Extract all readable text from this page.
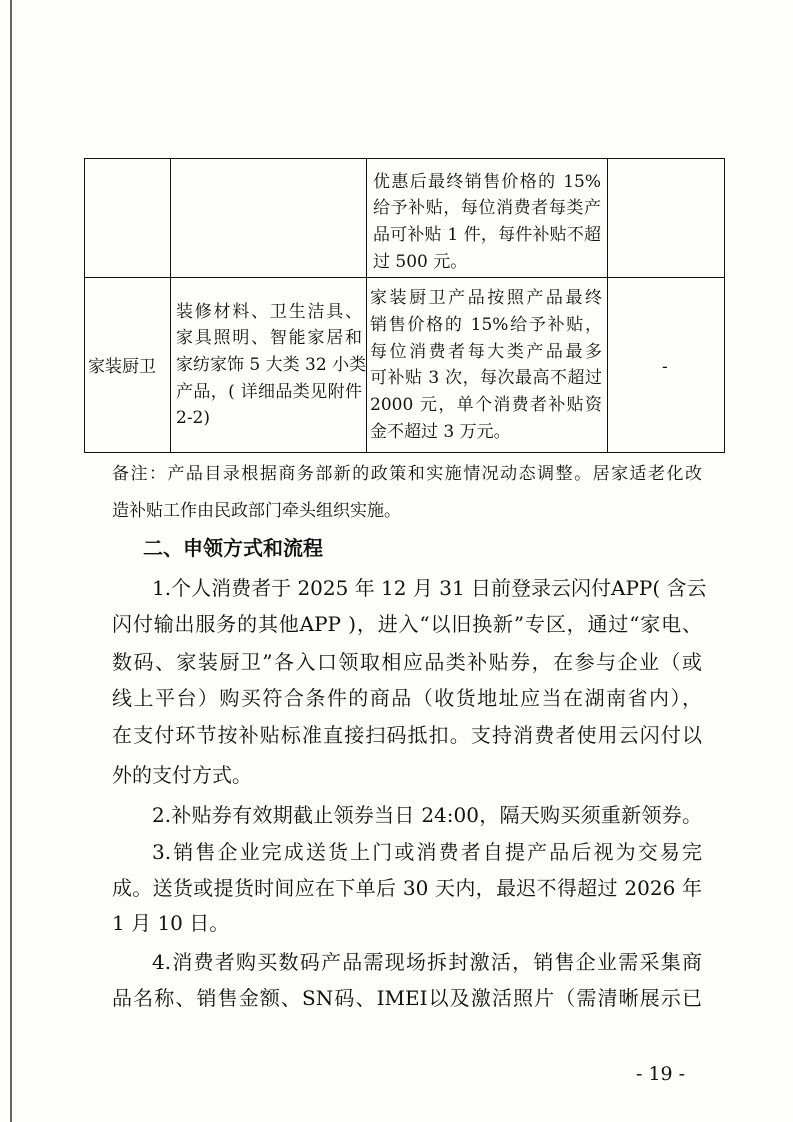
优惠后最终销售价格的 15%
给予补贴，每位消费者每类产
品可补贴 1 件，每件补贴不超
过 500 元。
家装厨卫
装修材料、卫生洁具、
家具照明、智能家居和
家纺家饰 5 大类 32 小类
产品，( 详细品类见附件
2-2)
家装厨卫产品按照产品最终
销售价格的 15%给予补贴，
每位消费者每大类产品最多
可补贴 3 次，每次最高不超过
2000 元，单个消费者补贴资
金不超过 3 万元。
-
备注：产品目录根据商务部新的政策和实施情况动态调整。居家适老化改
造补贴工作由民政部门牵头组织实施。
二、申领方式和流程
1.个人消费者于 2025 年 12 月 31 日前登录云闪付APP( 含云
闪付输出服务的其他APP )，进入“以旧换新”专区，通过“家电、
数码、家装厨卫”各入口领取相应品类补贴券，在参与企业（或
线上平台）购买符合条件的商品（收货地址应当在湖南省内），
在支付环节按补贴标准直接扫码抵扣。支持消费者使用云闪付以
外的支付方式。
2.补贴券有效期截止领券当日 24:00，隔天购买须重新领券。
3.销售企业完成送货上门或消费者自提产品后视为交易完
成。送货或提货时间应在下单后 30 天内，最迟不得超过 2026 年
1 月 10 日。
4.消费者购买数码产品需现场拆封激活，销售企业需采集商
品名称、销售金额、SN码、IMEI以及激活照片（需清晰展示已
- 19 -
